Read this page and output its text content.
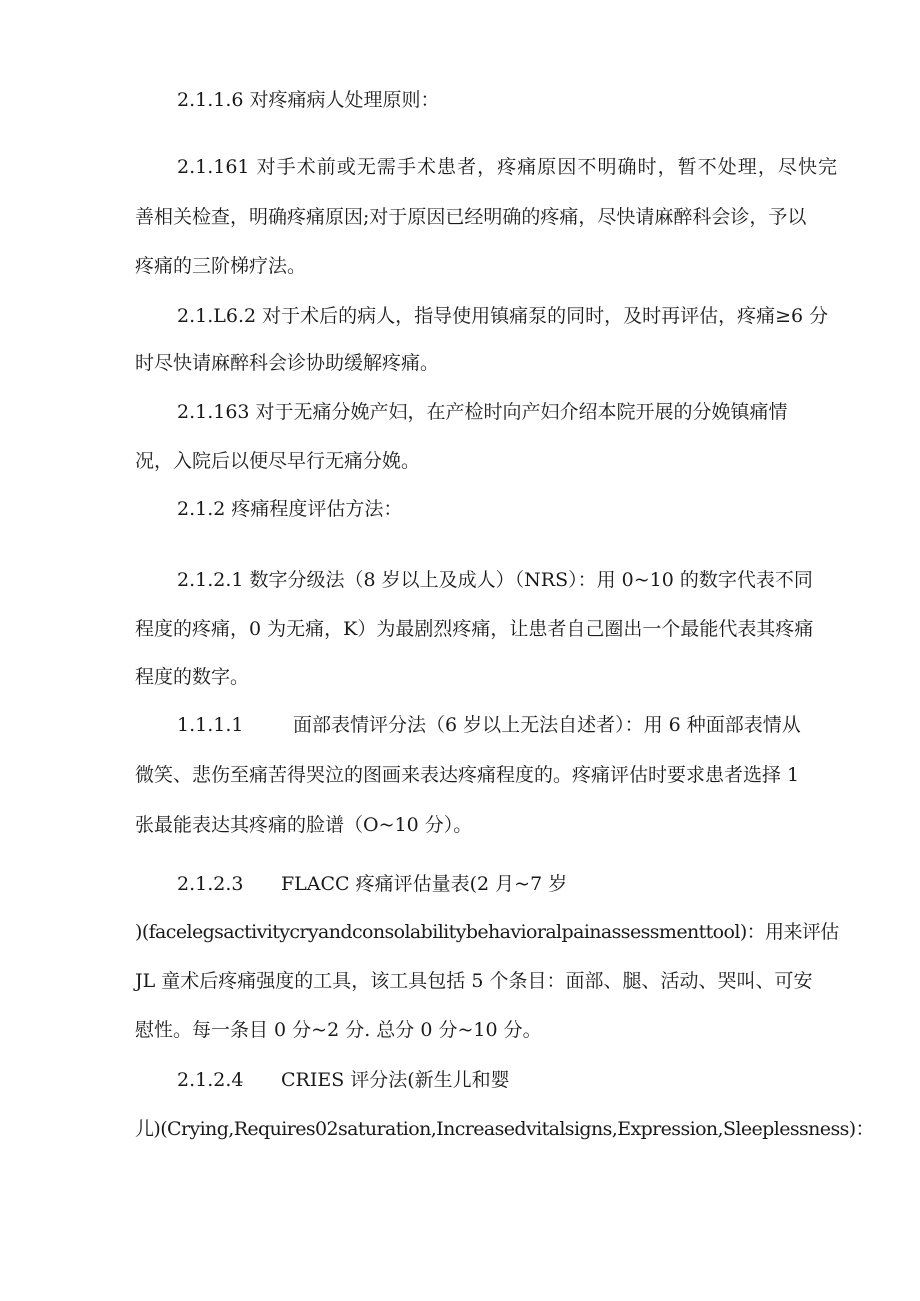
2.1.1.6 对疼痛病人处理原则：
2.1.161 对手术前或无需手术患者，疼痛原因不明确时，暂不处理，尽快完
善相关检查，明确疼痛原因;对于原因已经明确的疼痛，尽快请麻醉科会诊，予以
疼痛的三阶梯疗法。
2.1.L6.2 对于术后的病人，指导使用镇痛泵的同时，及时再评估，疼痛≥6 分
时尽快请麻醉科会诊协助缓解疼痛。
2.1.163 对于无痛分娩产妇，在产检时向产妇介绍本院开展的分娩镇痛情
况，入院后以便尽早行无痛分娩。
2.1.2 疼痛程度评估方法：
2.1.2.1 数字分级法（8 岁以上及成人）（NRS）：用 0~10 的数字代表不同
程度的疼痛，0 为无痛，K）为最剧烈疼痛，让患者自己圈出一个最能代表其疼痛
程度的数字。
1.1.1.1	面部表情评分法（6 岁以上无法自述者）：用 6 种面部表情从
微笑、悲伤至痛苦得哭泣的图画来表达疼痛程度的。疼痛评估时要求患者选择 1
张最能表达其疼痛的脸谱（O~10 分）。
2.1.2.3 FLACC 疼痛评估量表(2 月~7 岁
)(facelegsactivitycryandconsolabilitybehavioralpainassessmenttool)：用来评估
JL 童术后疼痛强度的工具，该工具包括 5 个条目：面部、腿、活动、哭叫、可安
慰性。每一条目 0 分~2 分. 总分 0 分~10 分。
2.1.2.4 CRIES 评分法(新生儿和婴
儿)(Crying,Requires02saturation,Increasedvitalsigns,Expression,Sleeplessness)：
